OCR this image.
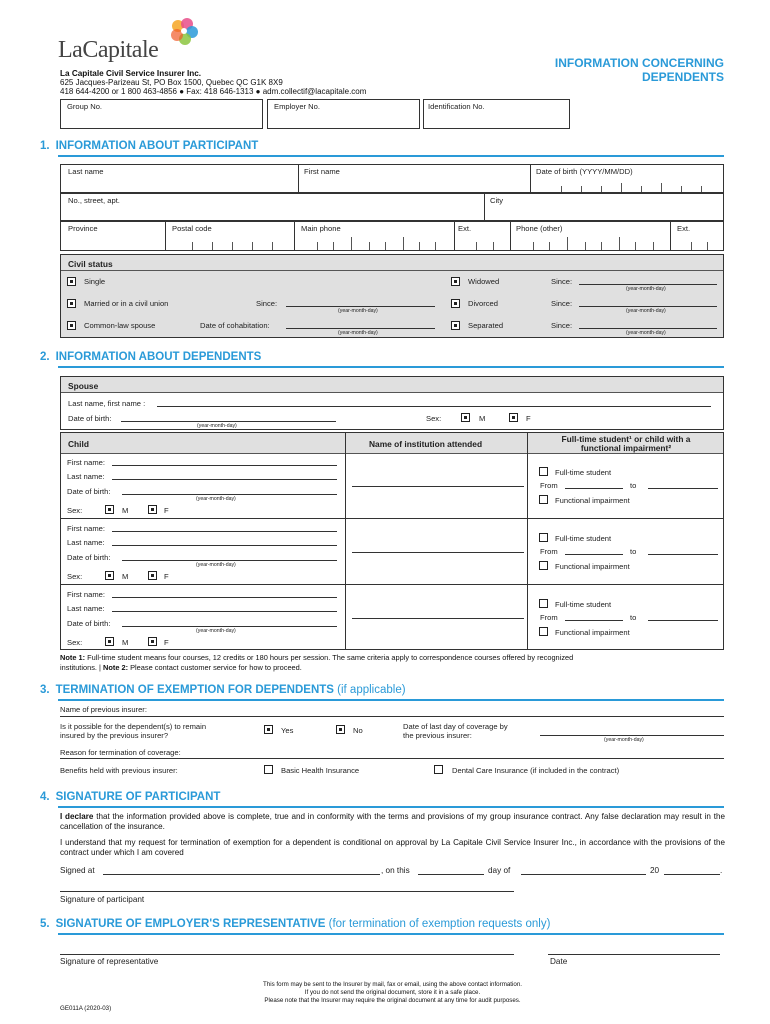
LaCapitale
La Capitale Civil Service Insurer Inc.
625 Jacques-Parizeau St, PO Box 1500, Quebec QC G1K 8X9
418 644-4200 or 1 800 463-4856 ● Fax: 418 646-1313 ● adm.collectif@lacapitale.com
INFORMATION CONCERNING
DEPENDENTS
Group No.	Employer No.	Identification No.
1. INFORMATION ABOUT PARTICIPANT
Last name	First name	Date of birth (YYYY/MM/DD)
No., street, apt.	City
Province	Postal code	Main phone	Ext.	Phone (other)	Ext.
Civil status
Single
Married or in a civil union	Since:
(year-month-day)
Common-law spouse	Date of cohabitation:
(year-month-day)
Widowed	Since:
(year-month-day)
Divorced	Since:
(year-month-day)
Separated	Since:
(year-month-day)
2. INFORMATION ABOUT DEPENDENTS
Spouse
Last name, first name :
Date of birth:
(year-month-day)
Sex:	M	F
Child	Name of institution attended	Full-time student¹ or child with a
functional impairment²
First name:
Last name:
Date of birth:
(year-month-day)
Sex:	M	F
Full-time student
From	to
Functional impairment
First name:
Last name:
Date of birth:
(year-month-day)
Sex:	M	F
Full-time student
From	to
Functional impairment
First name:
Last name:
Date of birth:
(year-month-day)
Sex:	M	F
Full-time student
From	to
Functional impairment
Note 1: Full-time student means four courses, 12 credits or 180 hours per session. The same criteria apply to correspondence courses offered by recognized
institutions. | Note 2: Please contact customer service for how to proceed.
3. TERMINATION OF EXEMPTION FOR DEPENDENTS (if applicable)
Name of previous insurer:
Is it possible for the dependent(s) to remain
insured by the previous insurer?
Yes	No	Date of last day of coverage by
the previous insurer:	(year-month-day)
Reason for termination of coverage:
Benefits held with previous insurer:	Basic Health Insurance	Dental Care Insurance (if included in the contract)
4. SIGNATURE OF PARTICIPANT
I declare that the information provided above is complete, true and in conformity with the terms and provisions of my group insurance contract. Any false declaration may result in the cancellation of the insurance.
I understand that my request for termination of exemption for a dependent is conditional on approval by La Capitale Civil Service Insurer Inc., in accordance with the provisions of the contract under which I am covered
Signed at	, on this	day of	20	.
Signature of participant
5. SIGNATURE OF EMPLOYER'S REPRESENTATIVE (for termination of exemption requests only)
Signature of representative	Date
This form may be sent to the Insurer by mail, fax or email, using the above contact information.
If you do not send the original document, store it in a safe place.
Please note that the Insurer may require the original document at any time for audit purposes.
GE011A (2020-03)
